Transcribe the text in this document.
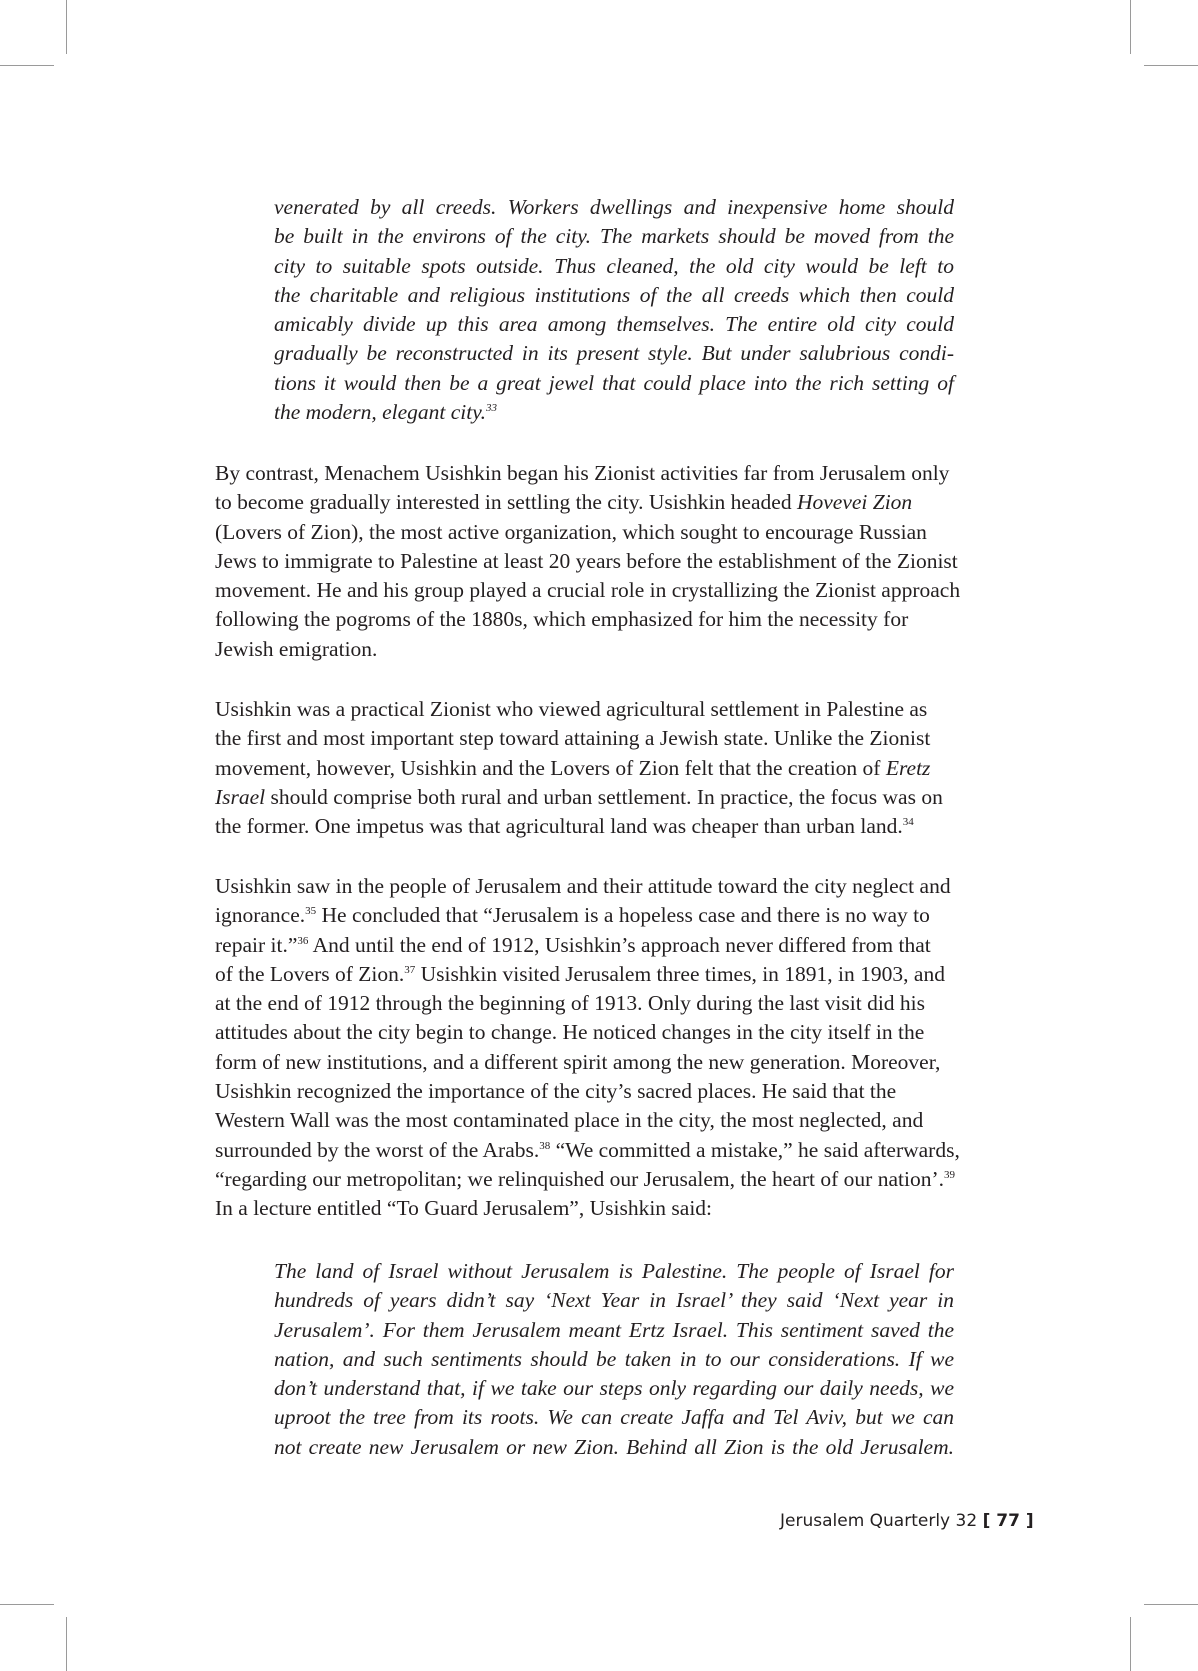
venerated by all creeds. Workers dwellings and inexpensive home should
be built in the environs of the city. The markets should be moved from the
city to suitable spots outside. Thus cleaned, the old city would be left to
the charitable and religious institutions of the all creeds which then could
amicably divide up this area among themselves. The entire old city could
gradually be reconstructed in its present style. But under salubrious condi-
tions it would then be a great jewel that could place into the rich setting of
the modern, elegant city.$^{33}$
By contrast, Menachem Usishkin began his Zionist activities far from Jerusalem only
to become gradually interested in settling the city. Usishkin headed Hovevei Zion
(Lovers of Zion), the most active organization, which sought to encourage Russian
Jews to immigrate to Palestine at least 20 years before the establishment of the Zionist
movement. He and his group played a crucial role in crystallizing the Zionist approach
following the pogroms of the 1880s, which emphasized for him the necessity for
Jewish emigration.
Usishkin was a practical Zionist who viewed agricultural settlement in Palestine as
the first and most important step toward attaining a Jewish state. Unlike the Zionist
movement, however, Usishkin and the Lovers of Zion felt that the creation of Eretz
Israel should comprise both rural and urban settlement. In practice, the focus was on
the former. One impetus was that agricultural land was cheaper than urban land.$^{34}$
Usishkin saw in the people of Jerusalem and their attitude toward the city neglect and
ignorance.$^{35}$ He concluded that “Jerusalem is a hopeless case and there is no way to
repair it.”$^{36}$ And until the end of 1912, Usishkin’s approach never differed from that
of the Lovers of Zion.$^{37}$ Usishkin visited Jerusalem three times, in 1891, in 1903, and
at the end of 1912 through the beginning of 1913. Only during the last visit did his
attitudes about the city begin to change. He noticed changes in the city itself in the
form of new institutions, and a different spirit among the new generation. Moreover,
Usishkin recognized the importance of the city’s sacred places. He said that the
Western Wall was the most contaminated place in the city, the most neglected, and
surrounded by the worst of the Arabs.$^{38}$ “We committed a mistake,” he said afterwards,
“regarding our metropolitan; we relinquished our Jerusalem, the heart of our nation’.$^{39}$
In a lecture entitled “To Guard Jerusalem”, Usishkin said:
The land of Israel without Jerusalem is Palestine. The people of Israel for
hundreds of years didn’t say ‘Next Year in Israel’ they said ‘Next year in
Jerusalem’. For them Jerusalem meant Ertz Israel. This sentiment saved the
nation, and such sentiments should be taken in to our considerations. If we
don’t understand that, if we take our steps only regarding our daily needs, we
uproot the tree from its roots. We can create Jaffa and Tel Aviv, but we can
not create new Jerusalem or new Zion. Behind all Zion is the old Jerusalem.
Jerusalem Quarterly 32 [ 77 ]
